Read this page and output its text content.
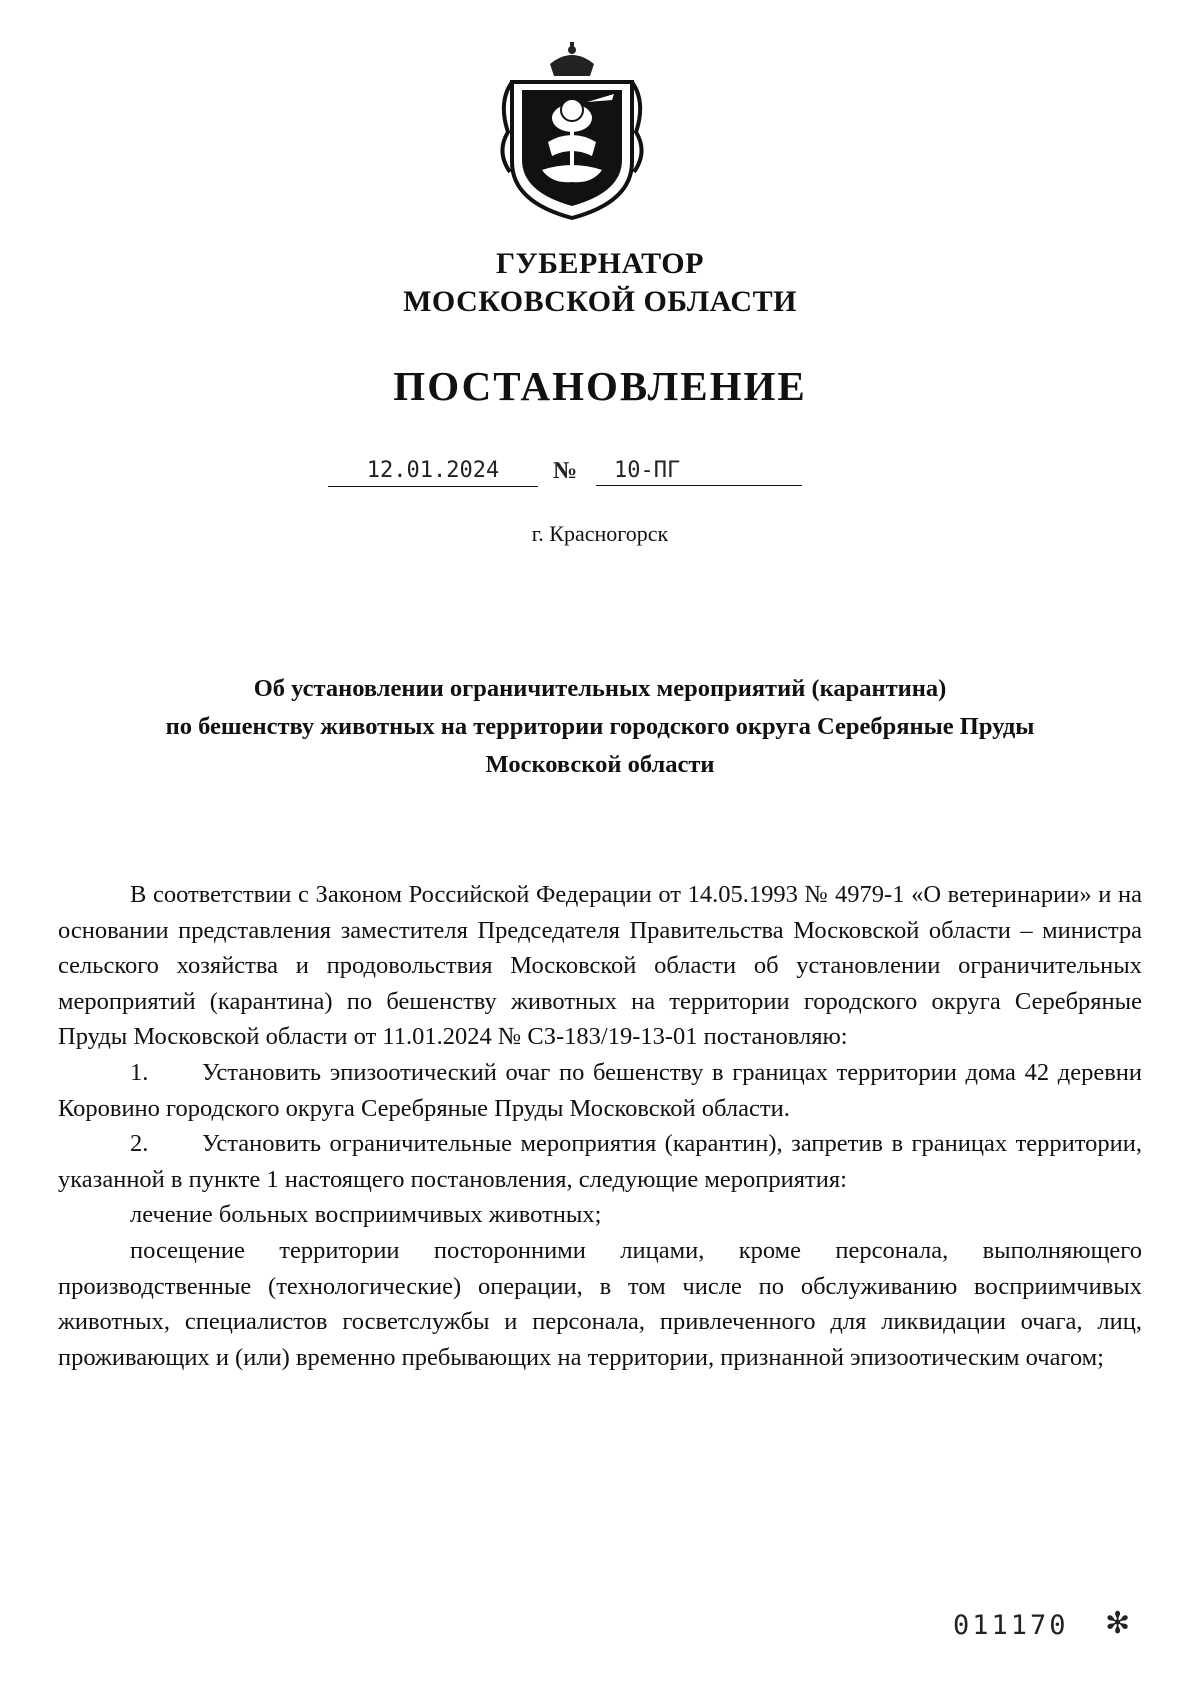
ГУБЕРНАТОР
МОСКОВСКОЙ ОБЛАСТИ
ПОСТАНОВЛЕНИЕ
12.01.2024	№	10-ПГ
г. Красногорск
Об установлении ограничительных мероприятий (карантина)
по бешенству животных на территории городского округа Серебряные Пруды
Московской области

В соответствии с Законом Российской Федерации от 14.05.1993 № 4979-1 «О ветеринарии» и на основании представления заместителя Председателя Правительства Московской области – министра сельского хозяйства и продовольствия Московской области об установлении ограничительных мероприятий (карантина) по бешенству животных на территории городского округа Серебряные Пруды Московской области от 11.01.2024 № СЗ-183/19-13-01 постановляю:

1. Установить эпизоотический очаг по бешенству в границах территории дома 42 деревни Коровино городского округа Серебряные Пруды Московской области.

2. Установить ограничительные мероприятия (карантин), запретив в границах территории, указанной в пункте 1 настоящего постановления, следующие мероприятия:

лечение больных восприимчивых животных;

посещение территории посторонними лицами, кроме персонала, выполняющего производственные (технологические) операции, в том числе по обслуживанию восприимчивых животных, специалистов госветслужбы и персонала, привлеченного для ликвидации очага, лиц, проживающих и (или) временно пребывающих на территории, признанной эпизоотическим очагом;

011170 ✻
